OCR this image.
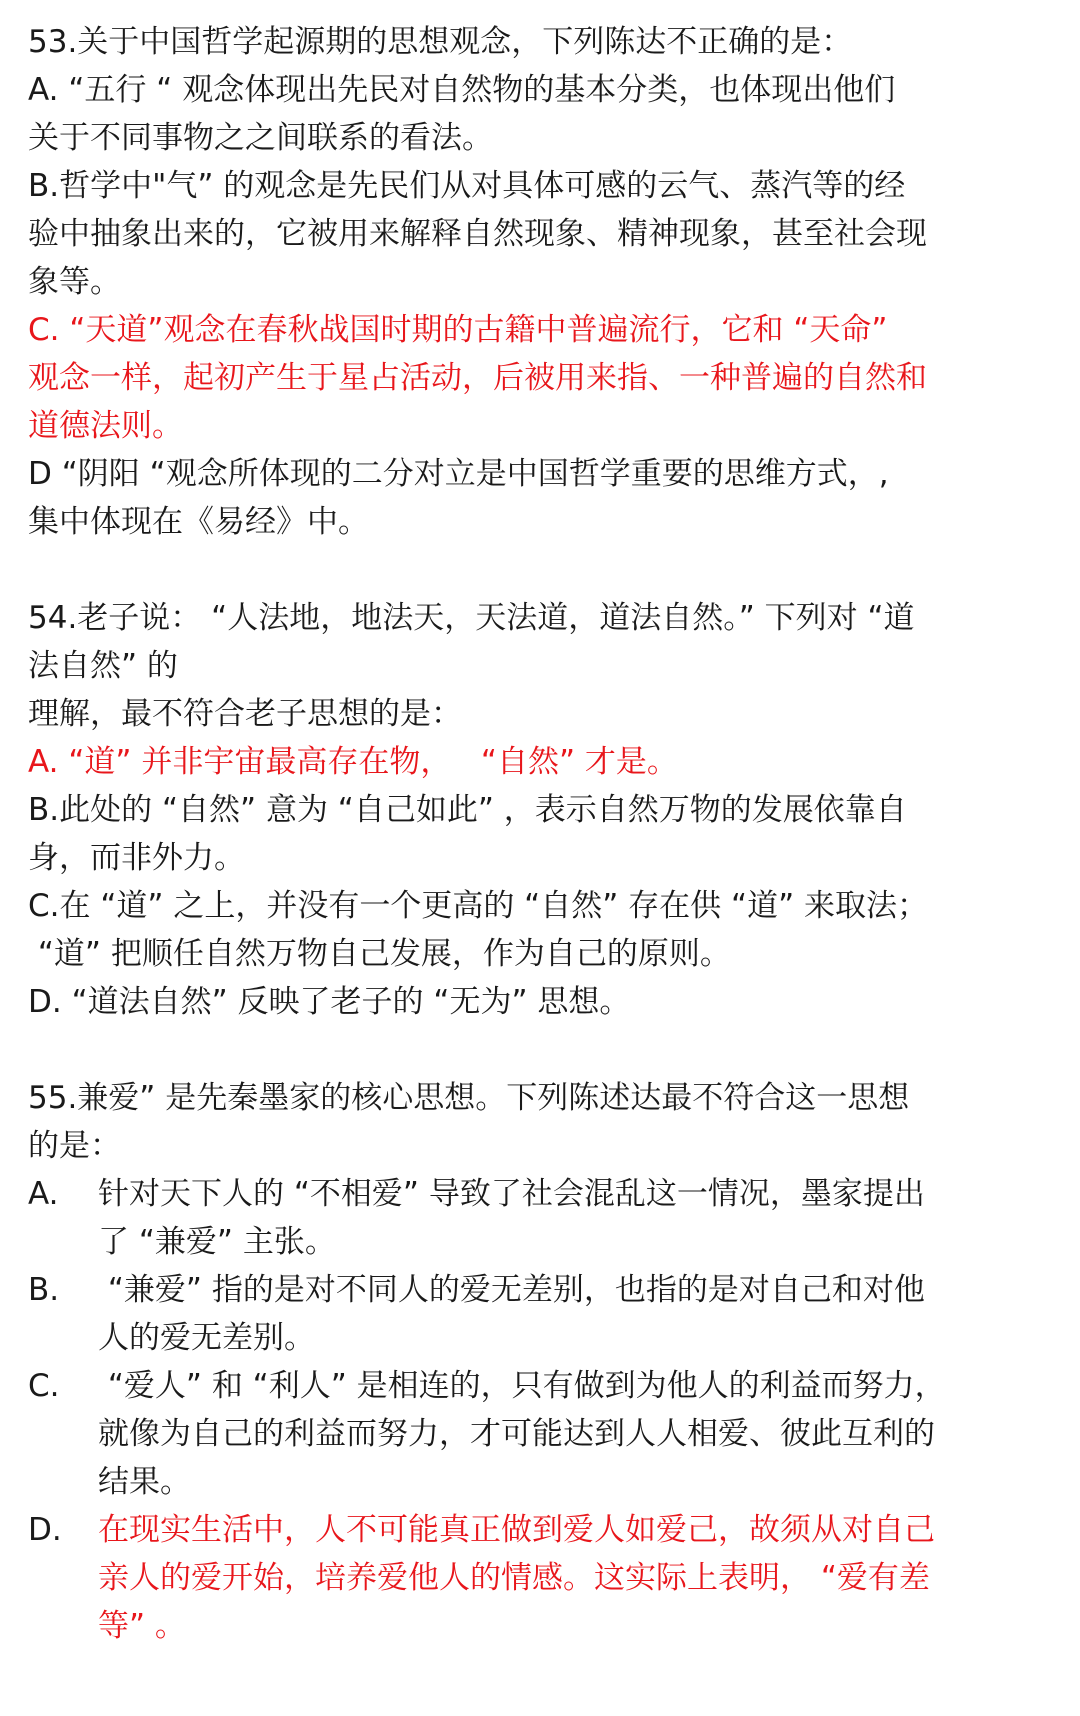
53.关于中国哲学起源期的思想观念，下列陈达不正确的是：

A. “五行 “ 观念体现出先民对自然物的基本分类，也体现出他们

关于不同事物之之间联系的看法。

B.哲学中"气” 的观念是先民们从对具体可感的云气、蒸汽等的经

验中抽象出来的，它被用来解释自然现象、精神现象，甚至社会现

象等。

C. “天道”观念在春秋战国时期的古籍中普遍流行，它和 “天命”

观念一样，起初产生于星占活动，后被用来指、一种普遍的自然和

道德法则。

D “阴阳 “观念所体现的二分对立是中国哲学重要的思维方式，,

集中体现在《易经》中。

54.老子说： “人法地，地法天，天法道，道法自然。” 下列对 “道

法自然” 的

理解，最不符合老子思想的是：

A. “道” 并非宇宙最高存在物，   “自然” 才是。

B.此处的 “自然” 意为 “自己如此” ，表示自然万物的发展依靠自

身，而非外力。

C.在 “道” 之上，并没有一个更高的 “自然” 存在供 “道” 来取法；

“道” 把顺任自然万物自己发展，作为自己的原则。

D. “道法自然” 反映了老子的 “无为” 思想。

55.兼爱” 是先秦墨家的核心思想。下列陈述达最不符合这一思想

的是：

A.	针对天下人的 “不相爱” 导致了社会混乱这一情况，墨家提出
了 “兼爱” 主张。
B.	“兼爱” 指的是对不同人的爱无差别，也指的是对自己和对他
人的爱无差别。
C.	“爱人” 和 “利人” 是相连的，只有做到为他人的利益而努力，
就像为自己的利益而努力，才可能达到人人相爱、彼此互利的
结果。
D.	在现实生活中，人不可能真正做到爱人如爱己，故须从对自己
亲人的爱开始，培养爱他人的情感。这实际上表明， “爱有差
等” 。
